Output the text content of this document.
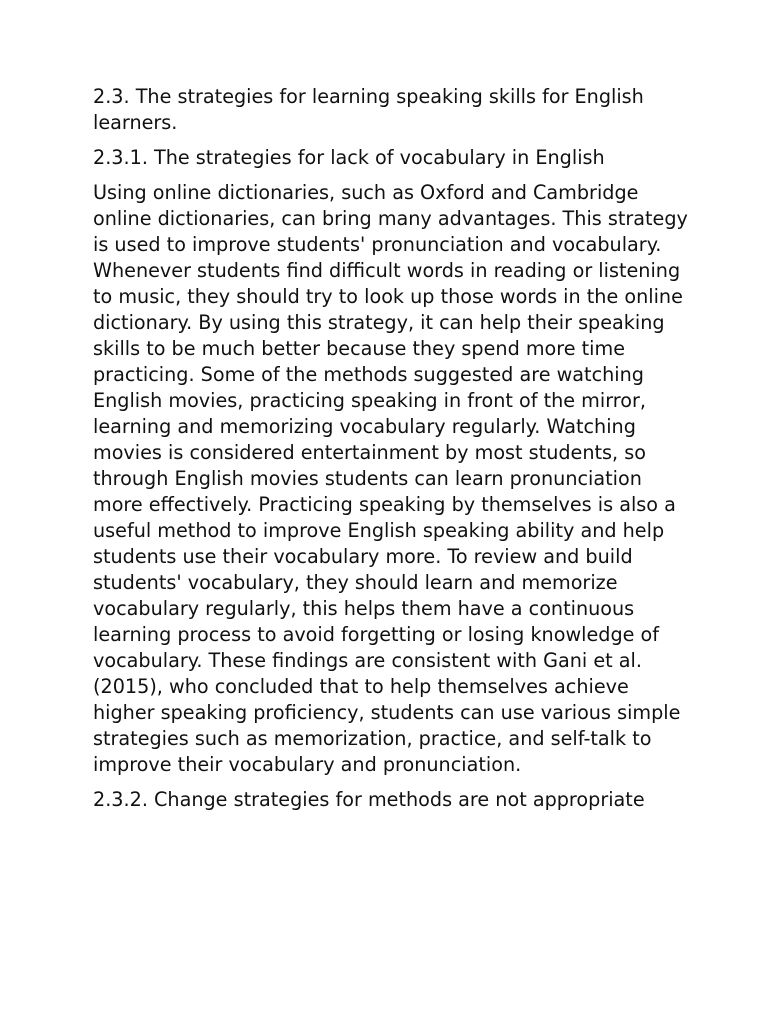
2.3. The strategies for learning speaking skills for English learners.

2.3.1. The strategies for lack of vocabulary in English

Using online dictionaries, such as Oxford and Cambridge online dictionaries, can bring many advantages. This strategy is used to improve students' pronunciation and vocabulary. Whenever students find difficult words in reading or listening to music, they should try to look up those words in the online dictionary. By using this strategy, it can help their speaking skills to be much better because they spend more time practicing. Some of the methods suggested are watching English movies, practicing speaking in front of the mirror, learning and memorizing vocabulary regularly. Watching movies is considered entertainment by most students, so through English movies students can learn pronunciation more effectively. Practicing speaking by themselves is also a useful method to improve English speaking ability and help students use their vocabulary more. To review and build students' vocabulary, they should learn and memorize vocabulary regularly, this helps them have a continuous learning process to avoid forgetting or losing knowledge of vocabulary. These findings are consistent with Gani et al. (2015), who concluded that to help themselves achieve higher speaking proficiency, students can use various simple strategies such as memorization, practice, and self-talk to improve their vocabulary and pronunciation.

2.3.2. Change strategies for methods are not appropriate
